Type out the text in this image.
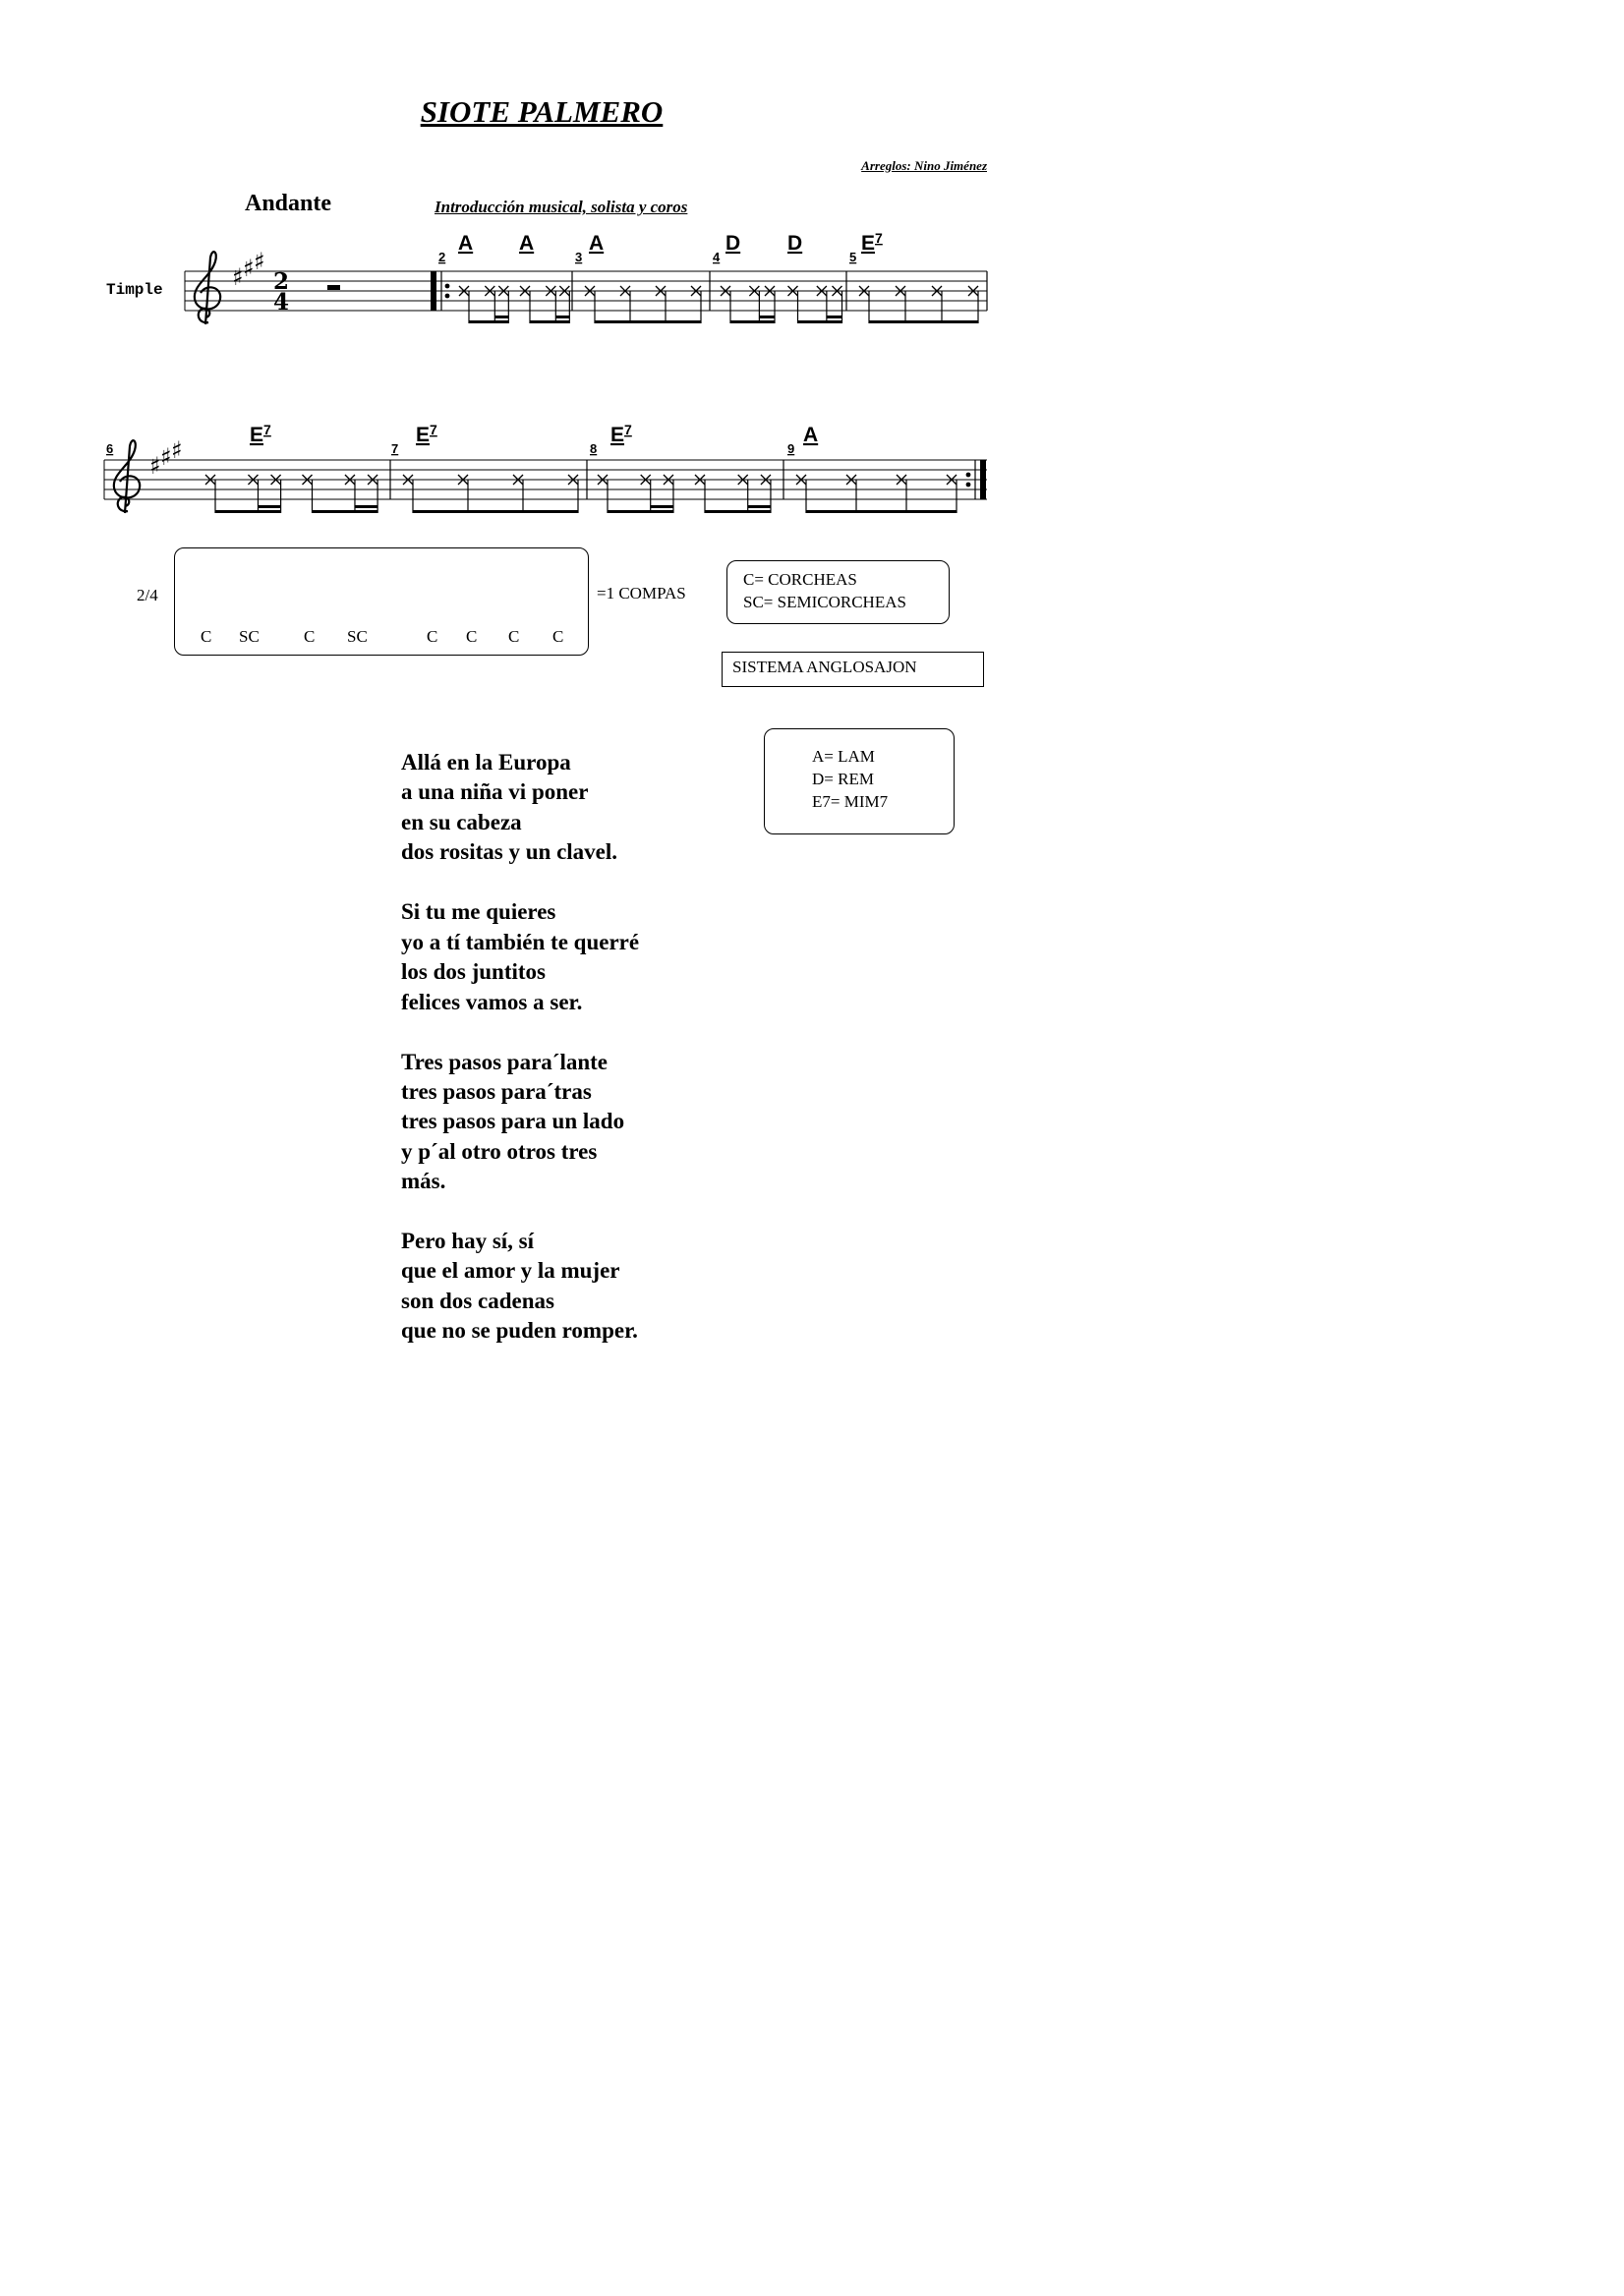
SIOTE PALMERO
Arreglos: Nino Jiménez
Andante	Introducción musical, solista y coros
Timple	♯ ♯ ♯
2
4
♯ ♯ ♯
2	3	4	5
6	7	8	9
A A	A	D D	$E^7$
$E^7$	$E^7$	$E^7$	A
2/4	=1 COMPAS
C SC	C SC	C C C C
C= CORCHEAS
SC= SEMICORCHEAS
SISTEMA ANGLOSAJON
A= LAM
D= REM
E7= MIM7
Allá en la Europa
a una niña vi poner
en su cabeza
dos rositas y un clavel.
Si tu me quieres
yo a tí también te querré
los dos juntitos
felices vamos a ser.
Tres pasos para´lante
tres pasos para´tras
tres pasos para un lado
y p´al otro otros tres
más.
Pero hay sí, sí
que el amor y la mujer
son dos cadenas
que no se puden romper.
